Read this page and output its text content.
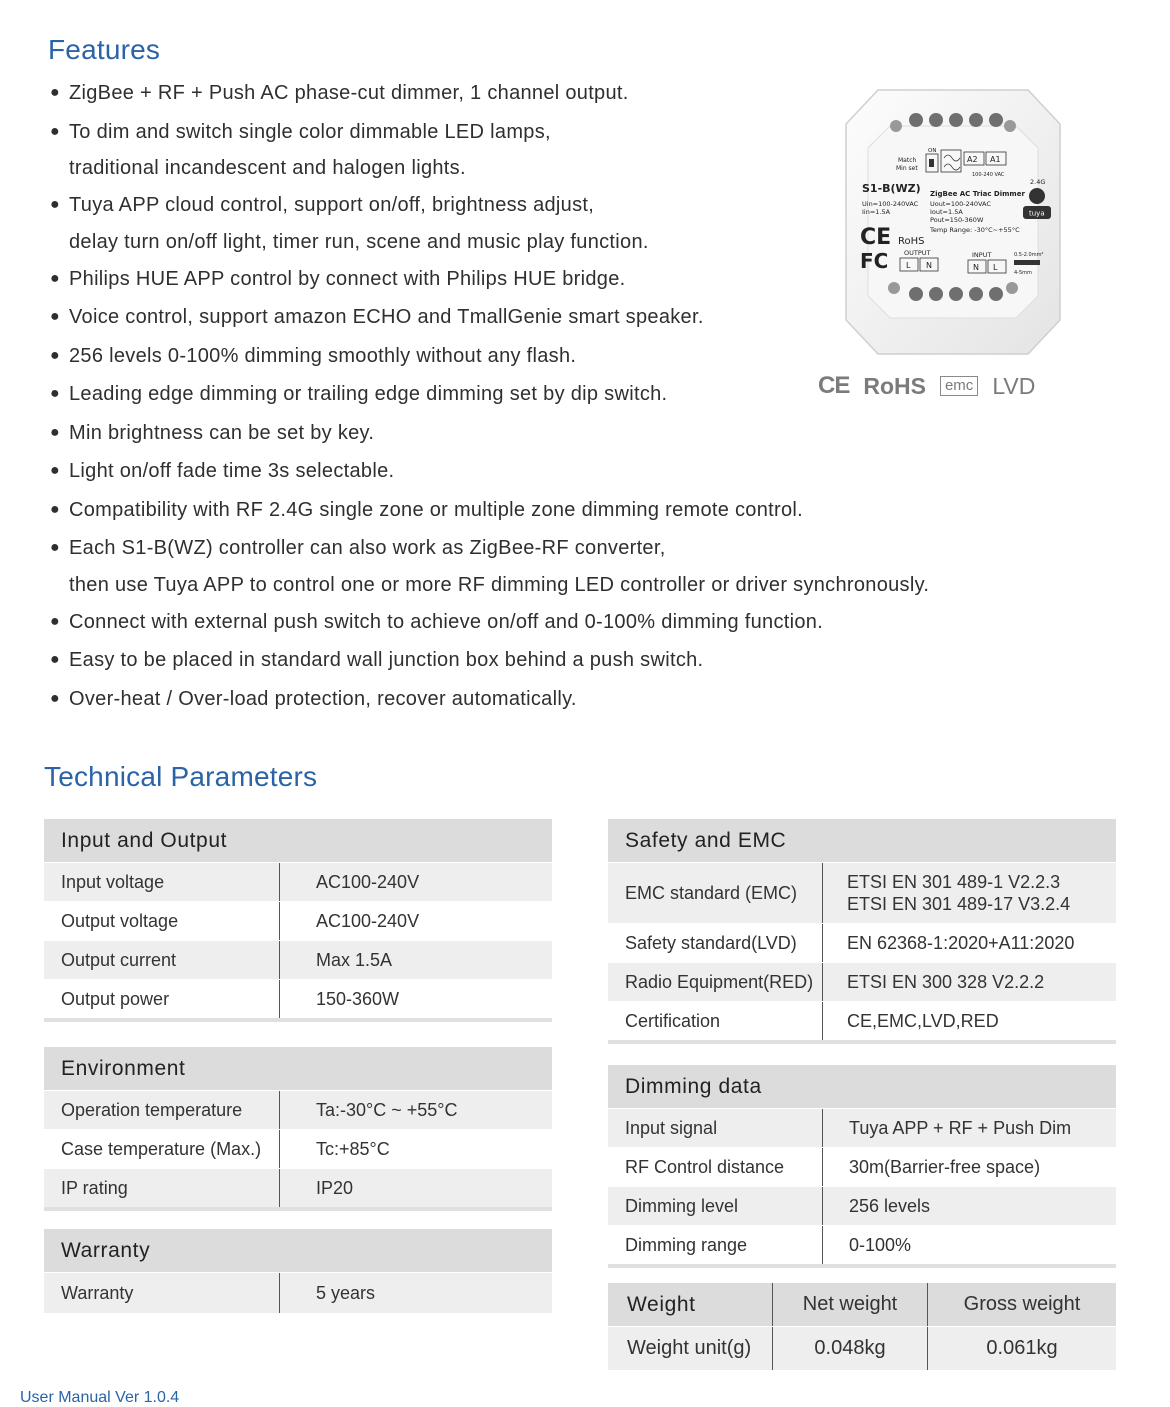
Features
● ZigBee + RF + Push AC phase-cut dimmer, 1 channel output.
● To dim and switch single color dimmable LED lamps,
traditional incandescent and halogen lights.
● Tuya APP cloud control, support on/off, brightness adjust,
delay turn on/off light, timer run, scene and music play function.
● Philips HUE APP control by connect with Philips HUE bridge.
● Voice control, support amazon ECHO and TmallGenie smart speaker.
● 256 levels 0-100% dimming smoothly without any flash.
● Leading edge dimming or trailing edge dimming set by dip switch.
● Min brightness can be set by key.
● Light on/off fade time 3s selectable.
● Compatibility with RF 2.4G single zone or multiple zone dimming remote control.
● Each S1-B(WZ) controller can also work as ZigBee-RF converter,
then use Tuya APP to control one or more RF dimming LED controller or driver synchronously.
● Connect with external push switch to achieve on/off and 0-100% dimming function.
● Easy to be placed in standard wall junction box behind a push switch.
● Over-heat / Over-load protection, recover automatically.
Match
Min set
ON
A2 A1
100-240 VAC
2.4G
S1-B(WZ) ZigBee AC Triac Dimmer
Uin=100-240VAC
Iin=1.5A
Uout=100-240VAC
Iout=1.5A
Pout=150-360W
Temp Range: -30°C~+55°C
tuya
CE RoHS
FC OUTPUT
L N
INPUT
N L
0.5-2.0mm²
4-5mm
CE RoHS	emc LVD
Technical Parameters
Input and Output
Input voltage	AC100-240V
Output voltage	AC100-240V
Output current	Max 1.5A
Output power	150-360W
Environment
Operation temperature	Ta:-30°C ~ +55°C
Case temperature (Max.)	Tc:+85°C
IP rating	IP20
Warranty
Warranty	5 years
Safety and EMC
EMC standard (EMC)
ETSI EN 301 489-1 V2.2.3
ETSI EN 301 489-17 V3.2.4
Safety standard(LVD)	EN 62368-1:2020+A11:2020
Radio Equipment(RED)	ETSI EN 300 328 V2.2.2
Certification	CE,EMC,LVD,RED
Dimming data
Input signal	Tuya APP + RF + Push Dim
RF Control distance	30m(Barrier-free space)
Dimming level	256 levels
Dimming range	0-100%
Weight	Net weight	Gross weight
Weight unit(g)	0.048kg	0.061kg
User Manual Ver 1.0.4
